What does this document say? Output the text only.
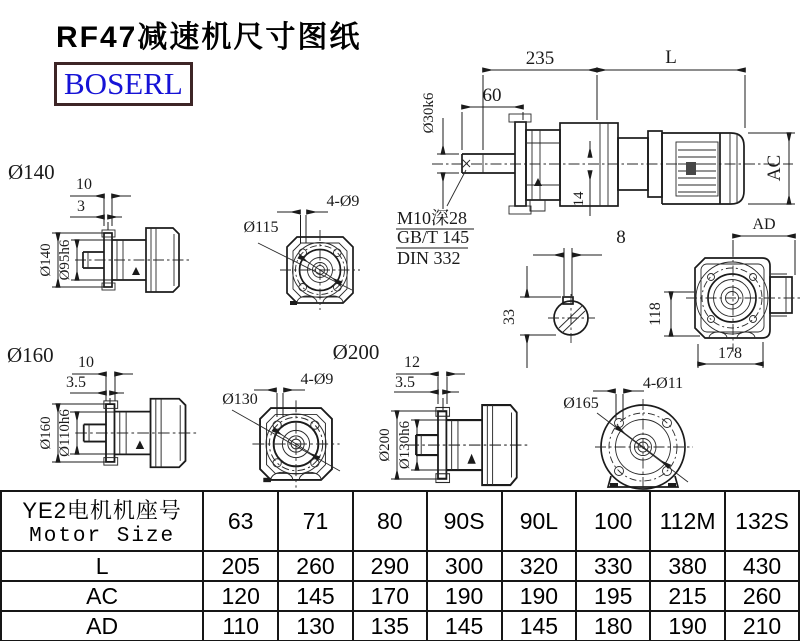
RF47减速机尺寸图纸
BOSERL
235	L
60
Ø30k6
14
AC
M10深28
GB/T 145
DIN 332
8
33
AD
118
178
Ø140
10
3
Ø140 Ø95h6
4-Ø9
Ø115
Ø160 10
3.5
Ø160 Ø110h6
4-Ø9
Ø130
Ø200 12
3.5
Ø200 Ø130h6
4-Ø11
Ø165
YE2电机机座号
Motor Size	63	71	80	90S	90L	100	112M	132S
L	205	260	290	300	320	330	380	430
AC	120	145	170	190	190	195	215	260
AD	110	130	135	145	145	180	190	210
